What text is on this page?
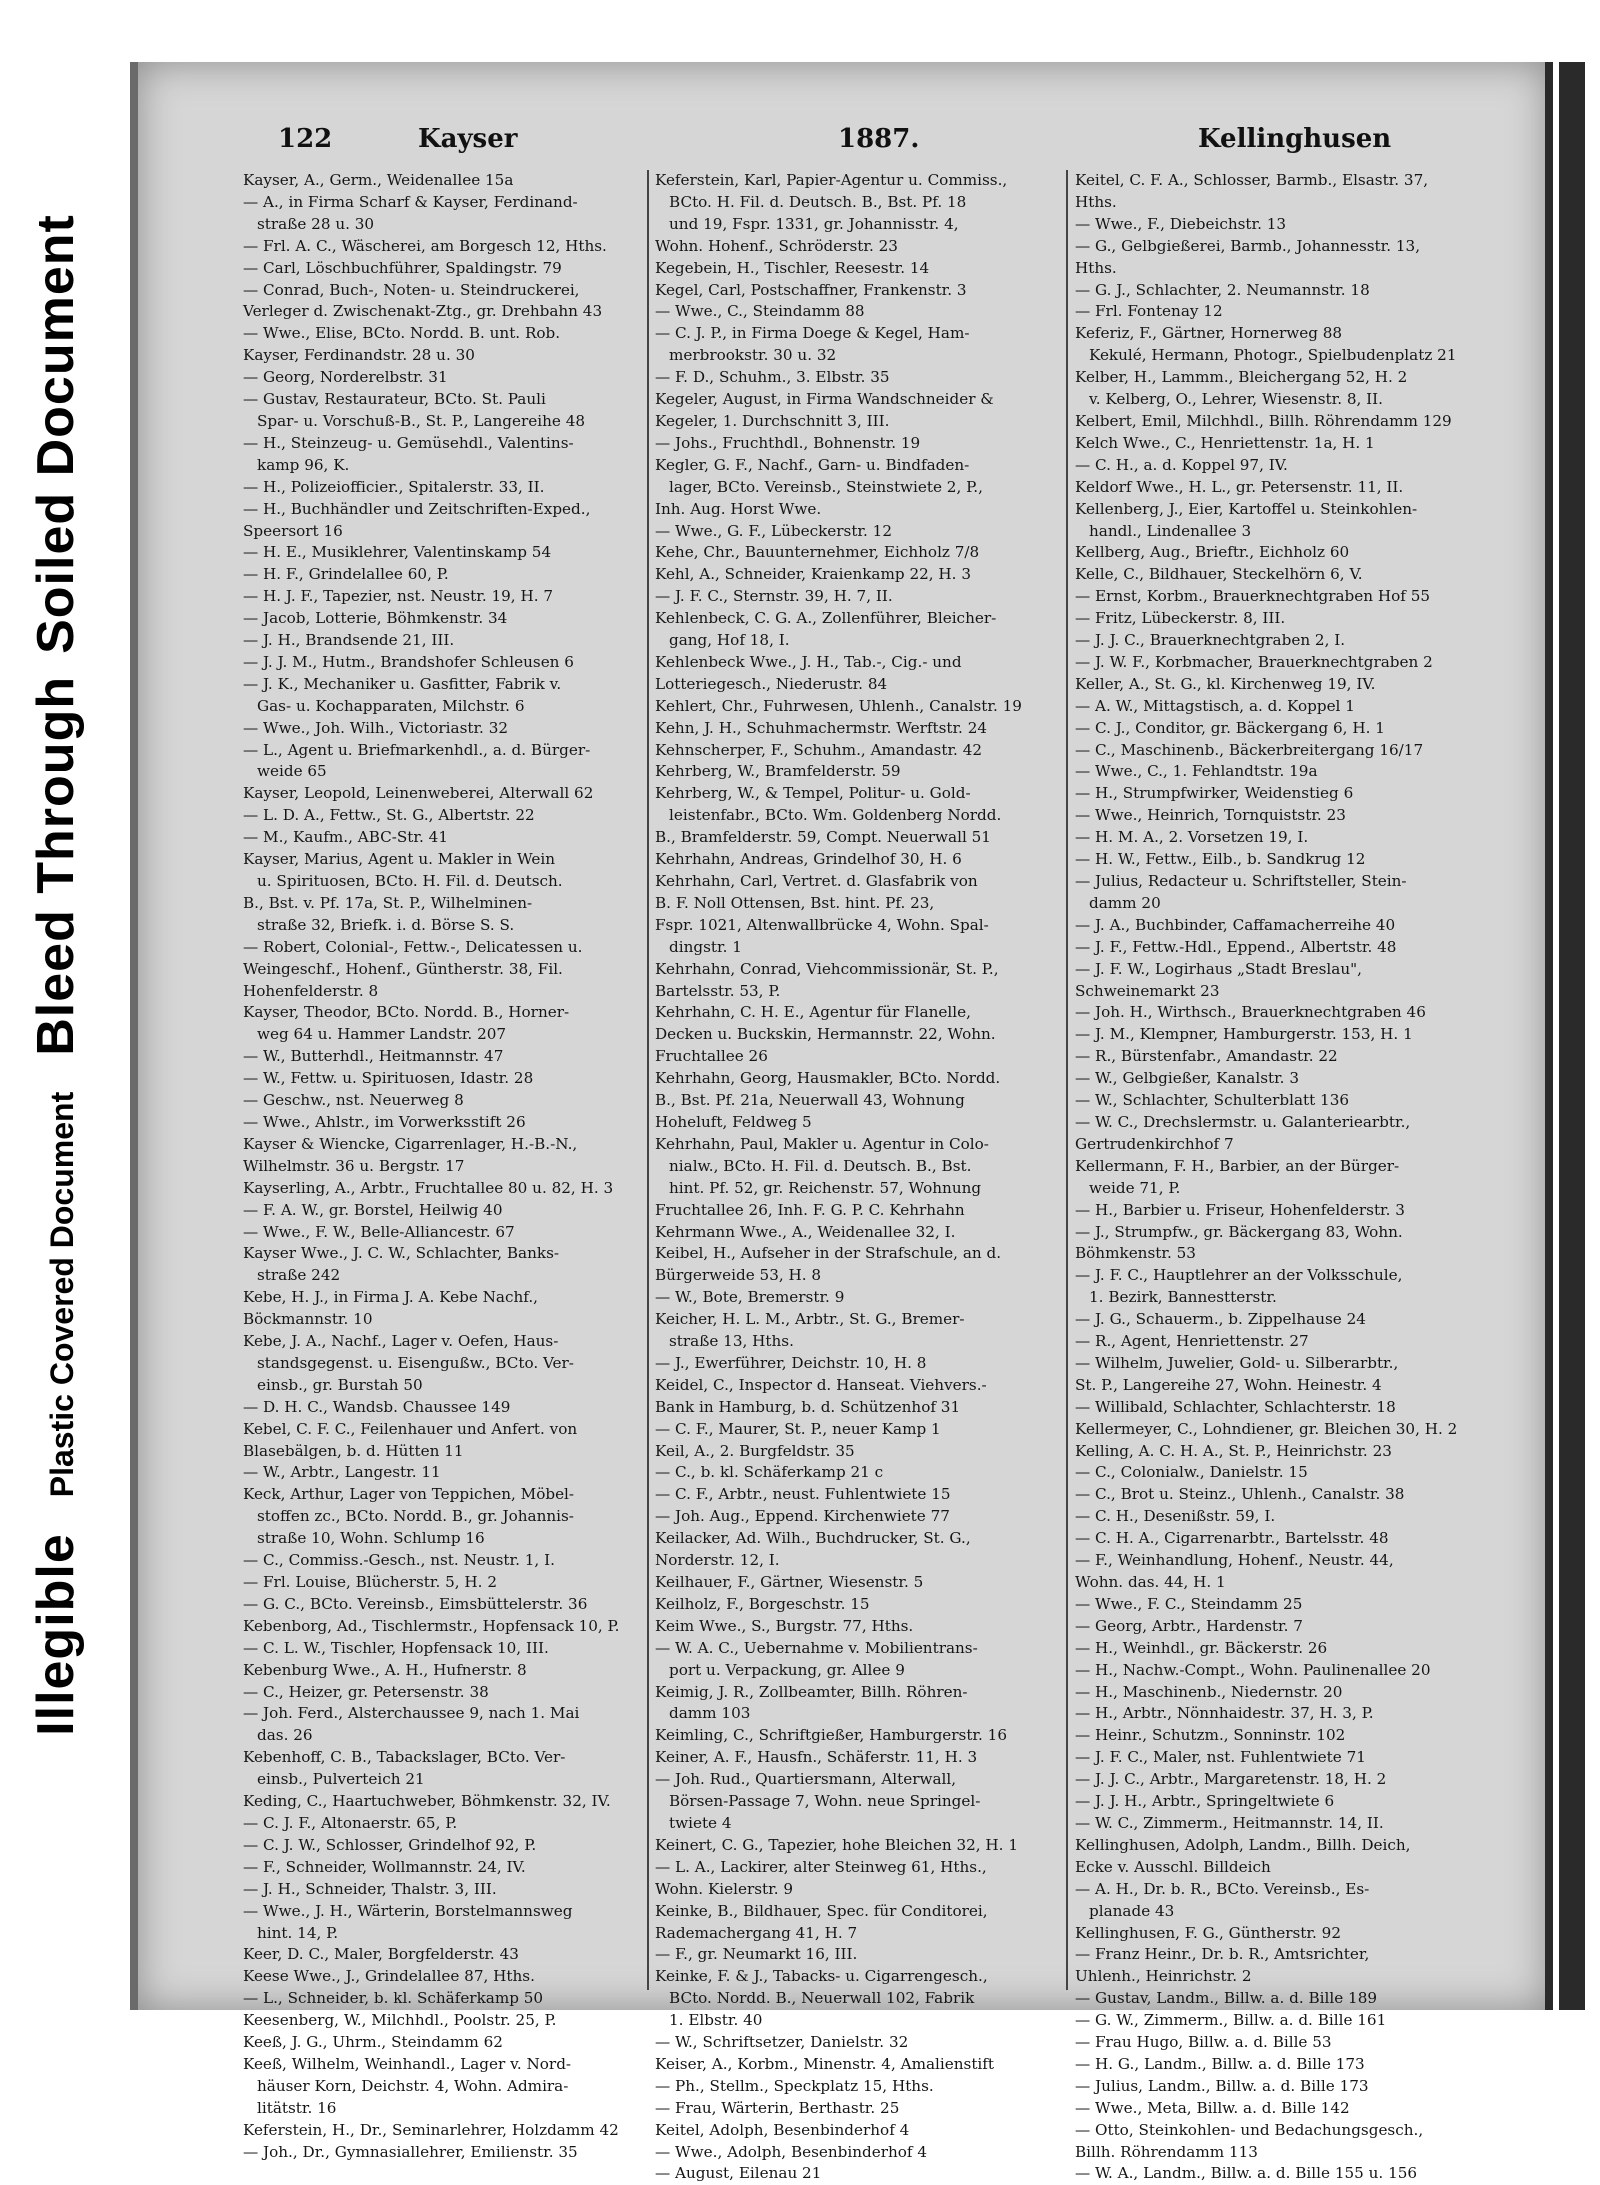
Illegible
Plastic Covered Document
Bleed Through
Soiled Document
122	Kayser	1887.	Kellinghusen
Kayser, A., Germ., Weidenallee 15a
— A., in Firma Scharf & Kayser, Ferdinand-
straße 28 u. 30
— Frl. A. C., Wäscherei, am Borgesch 12, Hths.
— Carl, Löschbuchführer, Spaldingstr. 79
— Conrad, Buch-, Noten- u. Steindruckerei,
Verleger d. Zwischenakt-Ztg., gr. Drehbahn 43
— Wwe., Elise, BCto. Nordd. B. unt. Rob.
Kayser, Ferdinandstr. 28 u. 30
— Georg, Norderelbstr. 31
— Gustav, Restaurateur, BCto. St. Pauli
Spar- u. Vorschuß-B., St. P., Langereihe 48
— H., Steinzeug- u. Gemüsehdl., Valentins-
kamp 96, K.
— H., Polizeiofficier., Spitalerstr. 33, II.
— H., Buchhändler und Zeitschriften-Exped.,
Speersort 16
— H. E., Musiklehrer, Valentinskamp 54
— H. F., Grindelallee 60, P.
— H. J. F., Tapezier, nst. Neustr. 19, H. 7
— Jacob, Lotterie, Böhmkenstr. 34
— J. H., Brandsende 21, III.
— J. J. M., Hutm., Brandshofer Schleusen 6
— J. K., Mechaniker u. Gasfitter, Fabrik v.
Gas- u. Kochapparaten, Milchstr. 6
— Wwe., Joh. Wilh., Victoriastr. 32
— L., Agent u. Briefmarkenhdl., a. d. Bürger-
weide 65
Kayser, Leopold, Leinenweberei, Alterwall 62
— L. D. A., Fettw., St. G., Albertstr. 22
— M., Kaufm., ABC-Str. 41
Kayser, Marius, Agent u. Makler in Wein
u. Spirituosen, BCto. H. Fil. d. Deutsch.
B., Bst. v. Pf. 17a, St. P., Wilhelminen-
straße 32, Briefk. i. d. Börse S. S.
— Robert, Colonial-, Fettw.-, Delicatessen u.
Weingeschf., Hohenf., Güntherstr. 38, Fil.
Hohenfelderstr. 8
Kayser, Theodor, BCto. Nordd. B., Horner-
weg 64 u. Hammer Landstr. 207
— W., Butterhdl., Heitmannstr. 47
— W., Fettw. u. Spirituosen, Idastr. 28
— Geschw., nst. Neuerweg 8
— Wwe., Ahlstr., im Vorwerksstift 26
Kayser & Wiencke, Cigarrenlager, H.-B.-N.,
Wilhelmstr. 36 u. Bergstr. 17
Kayserling, A., Arbtr., Fruchtallee 80 u. 82, H. 3
— F. A. W., gr. Borstel, Heilwig 40
— Wwe., F. W., Belle-Alliancestr. 67
Kayser Wwe., J. C. W., Schlachter, Banks-
straße 242
Kebe, H. J., in Firma J. A. Kebe Nachf.,
Böckmannstr. 10
Kebe, J. A., Nachf., Lager v. Oefen, Haus-
standsgegenst. u. Eisengußw., BCto. Ver-
einsb., gr. Burstah 50
— D. H. C., Wandsb. Chaussee 149
Kebel, C. F. C., Feilenhauer und Anfert. von
Blasebälgen, b. d. Hütten 11
— W., Arbtr., Langestr. 11
Keck, Arthur, Lager von Teppichen, Möbel-
stoffen zc., BCto. Nordd. B., gr. Johannis-
straße 10, Wohn. Schlump 16
— C., Commiss.-Gesch., nst. Neustr. 1, I.
— Frl. Louise, Blücherstr. 5, H. 2
— G. C., BCto. Vereinsb., Eimsbüttelerstr. 36
Kebenborg, Ad., Tischlermstr., Hopfensack 10, P.
— C. L. W., Tischler, Hopfensack 10, III.
Kebenburg Wwe., A. H., Hufnerstr. 8
— C., Heizer, gr. Petersenstr. 38
— Joh. Ferd., Alsterchaussee 9, nach 1. Mai
das. 26
Kebenhoff, C. B., Tabackslager, BCto. Ver-
einsb., Pulverteich 21
Keding, C., Haartuchweber, Böhmkenstr. 32, IV.
— C. J. F., Altonaerstr. 65, P.
— C. J. W., Schlosser, Grindelhof 92, P.
— F., Schneider, Wollmannstr. 24, IV.
— J. H., Schneider, Thalstr. 3, III.
— Wwe., J. H., Wärterin, Borstelmannsweg
hint. 14, P.
Keer, D. C., Maler, Borgfelderstr. 43
Keese Wwe., J., Grindelallee 87, Hths.
— L., Schneider, b. kl. Schäferkamp 50
Keesenberg, W., Milchhdl., Poolstr. 25, P.
Keeß, J. G., Uhrm., Steindamm 62
Keeß, Wilhelm, Weinhandl., Lager v. Nord-
häuser Korn, Deichstr. 4, Wohn. Admira-
litätstr. 16
Keferstein, H., Dr., Seminarlehrer, Holzdamm 42
— Joh., Dr., Gymnasiallehrer, Emilienstr. 35
Keferstein, Karl, Papier-Agentur u. Commiss.,
BCto. H. Fil. d. Deutsch. B., Bst. Pf. 18
und 19, Fspr. 1331, gr. Johannisstr. 4,
Wohn. Hohenf., Schröderstr. 23
Kegebein, H., Tischler, Reesestr. 14
Kegel, Carl, Postschaffner, Frankenstr. 3
— Wwe., C., Steindamm 88
— C. J. P., in Firma Doege & Kegel, Ham-
merbrookstr. 30 u. 32
— F. D., Schuhm., 3. Elbstr. 35
Kegeler, August, in Firma Wandschneider &
Kegeler, 1. Durchschnitt 3, III.
— Johs., Fruchthdl., Bohnenstr. 19
Kegler, G. F., Nachf., Garn- u. Bindfaden-
lager, BCto. Vereinsb., Steinstwiete 2, P.,
Inh. Aug. Horst Wwe.
— Wwe., G. F., Lübeckerstr. 12
Kehe, Chr., Bauunternehmer, Eichholz 7/8
Kehl, A., Schneider, Kraienkamp 22, H. 3
— J. F. C., Sternstr. 39, H. 7, II.
Kehlenbeck, C. G. A., Zollenführer, Bleicher-
gang, Hof 18, I.
Kehlenbeck Wwe., J. H., Tab.-, Cig.- und
Lotteriegesch., Niederustr. 84
Kehlert, Chr., Fuhrwesen, Uhlenh., Canalstr. 19
Kehn, J. H., Schuhmachermstr. Werftstr. 24
Kehnscherper, F., Schuhm., Amandastr. 42
Kehrberg, W., Bramfelderstr. 59
Kehrberg, W., & Tempel, Politur- u. Gold-
leistenfabr., BCto. Wm. Goldenberg Nordd.
B., Bramfelderstr. 59, Compt. Neuerwall 51
Kehrhahn, Andreas, Grindelhof 30, H. 6
Kehrhahn, Carl, Vertret. d. Glasfabrik von
B. F. Noll Ottensen, Bst. hint. Pf. 23,
Fspr. 1021, Altenwallbrücke 4, Wohn. Spal-
dingstr. 1
Kehrhahn, Conrad, Viehcommissionär, St. P.,
Bartelsstr. 53, P.
Kehrhahn, C. H. E., Agentur für Flanelle,
Decken u. Buckskin, Hermannstr. 22, Wohn.
Fruchtallee 26
Kehrhahn, Georg, Hausmakler, BCto. Nordd.
B., Bst. Pf. 21a, Neuerwall 43, Wohnung
Hoheluft, Feldweg 5
Kehrhahn, Paul, Makler u. Agentur in Colo-
nialw., BCto. H. Fil. d. Deutsch. B., Bst.
hint. Pf. 52, gr. Reichenstr. 57, Wohnung
Fruchtallee 26, Inh. F. G. P. C. Kehrhahn
Kehrmann Wwe., A., Weidenallee 32, I.
Keibel, H., Aufseher in der Strafschule, an d.
Bürgerweide 53, H. 8
— W., Bote, Bremerstr. 9
Keicher, H. L. M., Arbtr., St. G., Bremer-
straße 13, Hths.
— J., Ewerführer, Deichstr. 10, H. 8
Keidel, C., Inspector d. Hanseat. Viehvers.-
Bank in Hamburg, b. d. Schützenhof 31
— C. F., Maurer, St. P., neuer Kamp 1
Keil, A., 2. Burgfeldstr. 35
— C., b. kl. Schäferkamp 21 c
— C. F., Arbtr., neust. Fuhlentwiete 15
— Joh. Aug., Eppend. Kirchenwiete 77
Keilacker, Ad. Wilh., Buchdrucker, St. G.,
Norderstr. 12, I.
Keilhauer, F., Gärtner, Wiesenstr. 5
Keilholz, F., Borgeschstr. 15
Keim Wwe., S., Burgstr. 77, Hths.
— W. A. C., Uebernahme v. Mobilientrans-
port u. Verpackung, gr. Allee 9
Keimig, J. R., Zollbeamter, Billh. Röhren-
damm 103
Keimling, C., Schriftgießer, Hamburgerstr. 16
Keiner, A. F., Hausfn., Schäferstr. 11, H. 3
— Joh. Rud., Quartiersmann, Alterwall,
Börsen-Passage 7, Wohn. neue Springel-
twiete 4
Keinert, C. G., Tapezier, hohe Bleichen 32, H. 1
— L. A., Lackirer, alter Steinweg 61, Hths.,
Wohn. Kielerstr. 9
Keinke, B., Bildhauer, Spec. für Conditorei,
Rademachergang 41, H. 7
— F., gr. Neumarkt 16, III.
Keinke, F. & J., Tabacks- u. Cigarrengesch.,
BCto. Nordd. B., Neuerwall 102, Fabrik
1. Elbstr. 40
— W., Schriftsetzer, Danielstr. 32
Keiser, A., Korbm., Minenstr. 4, Amalienstift
— Ph., Stellm., Speckplatz 15, Hths.
— Frau, Wärterin, Berthastr. 25
Keitel, Adolph, Besenbinderhof 4
— Wwe., Adolph, Besenbinderhof 4
— August, Eilenau 21
Keitel, C. F. A., Schlosser, Barmb., Elsastr. 37,
Hths.
— Wwe., F., Diebeichstr. 13
— G., Gelbgießerei, Barmb., Johannesstr. 13,
Hths.
— G. J., Schlachter, 2. Neumannstr. 18
— Frl. Fontenay 12
Keferiz, F., Gärtner, Hornerweg 88
Kekulé, Hermann, Photogr., Spielbudenplatz 21
Kelber, H., Lammm., Bleichergang 52, H. 2
v. Kelberg, O., Lehrer, Wiesenstr. 8, II.
Kelbert, Emil, Milchhdl., Billh. Röhrendamm 129
Kelch Wwe., C., Henriettenstr. 1a, H. 1
— C. H., a. d. Koppel 97, IV.
Keldorf Wwe., H. L., gr. Petersenstr. 11, II.
Kellenberg, J., Eier, Kartoffel u. Steinkohlen-
handl., Lindenallee 3
Kellberg, Aug., Brieftr., Eichholz 60
Kelle, C., Bildhauer, Steckelhörn 6, V.
— Ernst, Korbm., Brauerknechtgraben Hof 55
— Fritz, Lübeckerstr. 8, III.
— J. J. C., Brauerknechtgraben 2, I.
— J. W. F., Korbmacher, Brauerknechtgraben 2
Keller, A., St. G., kl. Kirchenweg 19, IV.
— A. W., Mittagstisch, a. d. Koppel 1
— C. J., Conditor, gr. Bäckergang 6, H. 1
— C., Maschinenb., Bäckerbreitergang 16/17
— Wwe., C., 1. Fehlandtstr. 19a
— H., Strumpfwirker, Weidenstieg 6
— Wwe., Heinrich, Tornquiststr. 23
— H. M. A., 2. Vorsetzen 19, I.
— H. W., Fettw., Eilb., b. Sandkrug 12
— Julius, Redacteur u. Schriftsteller, Stein-
damm 20
— J. A., Buchbinder, Caffamacherreihe 40
— J. F., Fettw.-Hdl., Eppend., Albertstr. 48
— J. F. W., Logirhaus „Stadt Breslau",
Schweinemarkt 23
— Joh. H., Wirthsch., Brauerknechtgraben 46
— J. M., Klempner, Hamburgerstr. 153, H. 1
— R., Bürstenfabr., Amandastr. 22
— W., Gelbgießer, Kanalstr. 3
— W., Schlachter, Schulterblatt 136
— W. C., Drechslermstr. u. Galanteriearbtr.,
Gertrudenkirchhof 7
Kellermann, F. H., Barbier, an der Bürger-
weide 71, P.
— H., Barbier u. Friseur, Hohenfelderstr. 3
— J., Strumpfw., gr. Bäckergang 83, Wohn.
Böhmkenstr. 53
— J. F. C., Hauptlehrer an der Volksschule,
1. Bezirk, Bannestterstr.
— J. G., Schauerm., b. Zippelhause 24
— R., Agent, Henriettenstr. 27
— Wilhelm, Juwelier, Gold- u. Silberarbtr.,
St. P., Langereihe 27, Wohn. Heinestr. 4
— Willibald, Schlachter, Schlachterstr. 18
Kellermeyer, C., Lohndiener, gr. Bleichen 30, H. 2
Kelling, A. C. H. A., St. P., Heinrichstr. 23
— C., Colonialw., Danielstr. 15
— C., Brot u. Steinz., Uhlenh., Canalstr. 38
— C. H., Desenißstr. 59, I.
— C. H. A., Cigarrenarbtr., Bartelsstr. 48
— F., Weinhandlung, Hohenf., Neustr. 44,
Wohn. das. 44, H. 1
— Wwe., F. C., Steindamm 25
— Georg, Arbtr., Hardenstr. 7
— H., Weinhdl., gr. Bäckerstr. 26
— H., Nachw.-Compt., Wohn. Paulinenallee 20
— H., Maschinenb., Niedernstr. 20
— H., Arbtr., Nönnhaidestr. 37, H. 3, P.
— Heinr., Schutzm., Sonninstr. 102
— J. F. C., Maler, nst. Fuhlentwiete 71
— J. J. C., Arbtr., Margaretenstr. 18, H. 2
— J. J. H., Arbtr., Springeltwiete 6
— W. C., Zimmerm., Heitmannstr. 14, II.
Kellinghusen, Adolph, Landm., Billh. Deich,
Ecke v. Ausschl. Billdeich
— A. H., Dr. b. R., BCto. Vereinsb., Es-
planade 43
Kellinghusen, F. G., Güntherstr. 92
— Franz Heinr., Dr. b. R., Amtsrichter,
Uhlenh., Heinrichstr. 2
— Gustav, Landm., Billw. a. d. Bille 189
— G. W., Zimmerm., Billw. a. d. Bille 161
— Frau Hugo, Billw. a. d. Bille 53
— H. G., Landm., Billw. a. d. Bille 173
— Julius, Landm., Billw. a. d. Bille 173
— Wwe., Meta, Billw. a. d. Bille 142
— Otto, Steinkohlen- und Bedachungsgesch.,
Billh. Röhrendamm 113
— W. A., Landm., Billw. a. d. Bille 155 u. 156
